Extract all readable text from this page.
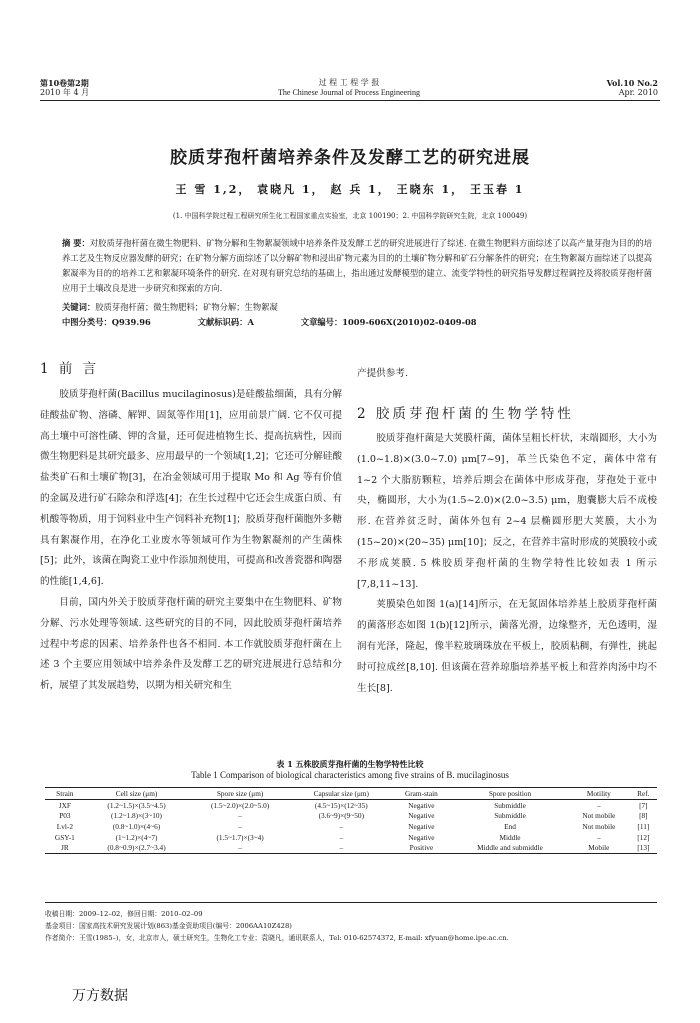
第10卷第2期	过 程 工 程 学 报	Vol.10 No.2
2010 年 4 月	The Chinese Journal of Process Engineering	Apr. 2010
胶质芽孢杆菌培养条件及发酵工艺的研究进展
王 雪 1,2， 袁晓凡 1， 赵 兵 1， 王晓东 1， 王玉春 1
(1. 中国科学院过程工程研究所生化工程国家重点实验室，北京 100190；2. 中国科学院研究生院，北京 100049)
摘 要：对胶质芽孢杆菌在微生物肥料、矿物分解和生物絮凝领域中培养条件及发酵工艺的研究进展进行了综述. 在微生物肥料方面综述了以高产量芽孢为目的的培养工艺及生物反应器发酵的研究；在矿物分解方面综述了以分解矿物和浸出矿物元素为目的的土壤矿物分解和矿石分解条件的研究；在生物絮凝方面综述了以提高絮凝率为目的的培养工艺和絮凝环境条件的研究. 在对现有研究总结的基础上，指出通过发酵模型的建立、流变学特性的研究指导发酵过程调控及将胶质芽孢杆菌应用于土壤改良是进一步研究和探索的方向.
关键词：胶质芽孢杆菌；微生物肥料；矿物分解；生物絮凝
中图分类号：Q939.96	文献标识码：A	文章编号：1009-606X(2010)02-0409-08
1 前 言

胶质芽孢杆菌(Bacillus mucilaginosus)是硅酸盐细菌，具有分解硅酸盐矿物、溶磷、解钾、固氮等作用[1]，应用前景广阔. 它不仅可提高土壤中可溶性磷、钾的含量，还可促进植物生长、提高抗病性，因而微生物肥料是其研究最多、应用最早的一个领域[1,2]；它还可分解硅酸盐类矿石和土壤矿物[3]，在冶金领域可用于提取 Mo 和 Ag 等有价值的金属及进行矿石除杂和浮选[4]；在生长过程中它还会生成蛋白质、有机酸等物质，用于饲料业中生产饲料补充物[1]；胶质芽孢杆菌胞外多糖具有絮凝作用，在净化工业废水等领域可作为生物絮凝剂的产生菌株[5]；此外，该菌在陶瓷工业中作添加剂使用，可提高和改善瓷器和陶器的性能[1,4,6].

目前，国内外关于胶质芽孢杆菌的研究主要集中在生物肥料、矿物分解、污水处理等领域. 这些研究的目的不同，因此胶质芽孢杆菌培养过程中考虑的因素、培养条件也各不相同. 本工作就胶质芽孢杆菌在上述 3 个主要应用领域中培养条件及发酵工艺的研究进展进行总结和分析，展望了其发展趋势，以期为相关研究和生

产提供参考.

2 胶质芽孢杆菌的生物学特性

胶质芽孢杆菌是大荚膜杆菌，菌体呈粗长杆状，末端圆形，大小为(1.0~1.8)×(3.0~7.0) μm[7~9]，革兰氏染色不定，菌体中常有 1~2 个大脂肪颗粒，培养后期会在菌体中形成芽孢，芽孢处于亚中央，椭圆形，大小为(1.5~2.0)×(2.0~3.5) μm，胞囊膨大后不成梭形. 在营养贫乏时，菌体外包有 2~4 层椭圆形肥大荚膜，大小为(15~20)×(20~35) μm[10]；反之，在营养丰富时形成的荚膜较小或不形成荚膜. 5 株胶质芽孢杆菌的生物学特性比较如表 1 所示[7,8,11~13].

荚膜染色如图 1(a)[14]所示，在无氮固体培养基上胶质芽孢杆菌的菌落形态如图 1(b)[12]所示，菌落光滑，边缘整齐，无色透明，湿润有光泽，隆起，像半粒玻璃珠放在平板上，胶质粘稠，有弹性，挑起时可拉成丝[8,10]. 但该菌在营养琼脂培养基平板上和营养肉汤中均不生长[8].

表 1 五株胶质芽孢杆菌的生物学特性比较
Table 1 Comparison of biological characteristics among five strains of B. mucilaginosus
Strain	Cell size (μm)	Spore size (μm)	Capsular size (μm)	Gram-stain	Spore position	Motility	Ref.
JXF	(1.2~1.5)×(3.5~4.5)	(1.5~2.0)×(2.0~5.0)	(4.5~15)×(12~35)	Negative	Submiddle	–	[7]
P03	(1.2~1.8)×(3~10)	–	(3.6~9)×(9~50)	Negative	Submiddle	Not mobile	[8]
Lvl-2	(0.8~1.0)×(4~6)	–	–	Negative	End	Not mobile	[11]
GSY-1	(1~1.2)×(4~7)	(1.5~1.7)×(3~4)	–	Negative	Middle	–	[12]
JR	(0.8~0.9)×(2.7~3.4)	–	–	Positive	Middle and submiddle	Mobile	[13]
收稿日期：2009–12–02，修回日期：2010–02–09
基金项目：国家高技术研究发展计划(863)基金资助项目(编号：2006AA10Z428)
作者简介：王雪(1985–)，女，北京市人，硕士研究生，生物化工专业；袁晓凡，通讯联系人，Tel: 010-62574372, E-mail: xfyuan@home.ipe.ac.cn.
万方数据
